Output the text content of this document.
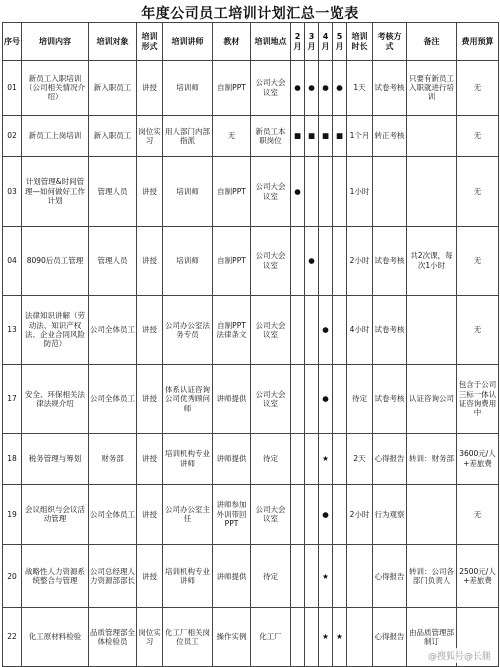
年度公司员工培训计划汇总一览表
序号	培训内容	培训对象	培训形式	培训讲师	教材	培训地点	2月	3月	4月	5月	培训时长	考核方式	备注	费用预算
01	新员工入职培训（公司相关情况介绍）	新入职员工	讲授	培训师	自制PPT	公司大会议室	●	●	●	●	1天	试卷考核	只要有新员工入职就进行培训	无
02	新员工上岗培训	新入职员工	岗位实习	用人部门内部指派	无	新员工本职岗位	■	■	■	■	1个月	转正考核		无
03	计划管理&时间管理—如何做好工作计划	管理人员	讲授	培训师	自制PPT	公司大会议室	●				1小时			无
04	8090后员工管理	管理人员	讲授	培训师	自制PPT	公司大会议室		●			2小时	试卷考核	共2次课，每次1小时	无
13	法律知识讲解（劳动法、知识产权法、企业合同风险防范）	公司全体员工	讲授	公司办公室法务专员	自制PPT法律条文	公司大会议室			●		4小时	试卷考核		无
17	安全、环保相关法律法规介绍	公司全体员工	讲授	体系认证咨询公司优秀顾问师	讲师提供	公司大会议室			●		待定	试卷考核	认证咨询公司	包含于公司三标一体认证咨询费用中
18	税务管理与筹划	财务部	讲授	培训机构专业讲师	讲师提供	待定			★		2天	心得报告	转训：财务部	3600元/人+差旅费
19	会议组织与会议活动管理	公司全体员工	讲授	公司办公室主任	讲师参加外训带回PPT	公司大会议室			●		2小时	行为观察		无
20	战略性人力资源系统整合与管理	公司总经理人力资源部部长	讲授	培训机构专业讲师	讲师提供	待定			★			心得报告	转训：公司各部门负责人	2500元/人+差旅费
22	化工原材料检验	品质管理部全体检验员	岗位实习	化工厂相关岗位员工	操作实例	化工厂			★	★		心得报告	由品质管理部制订	
@搜狐号@长腿
